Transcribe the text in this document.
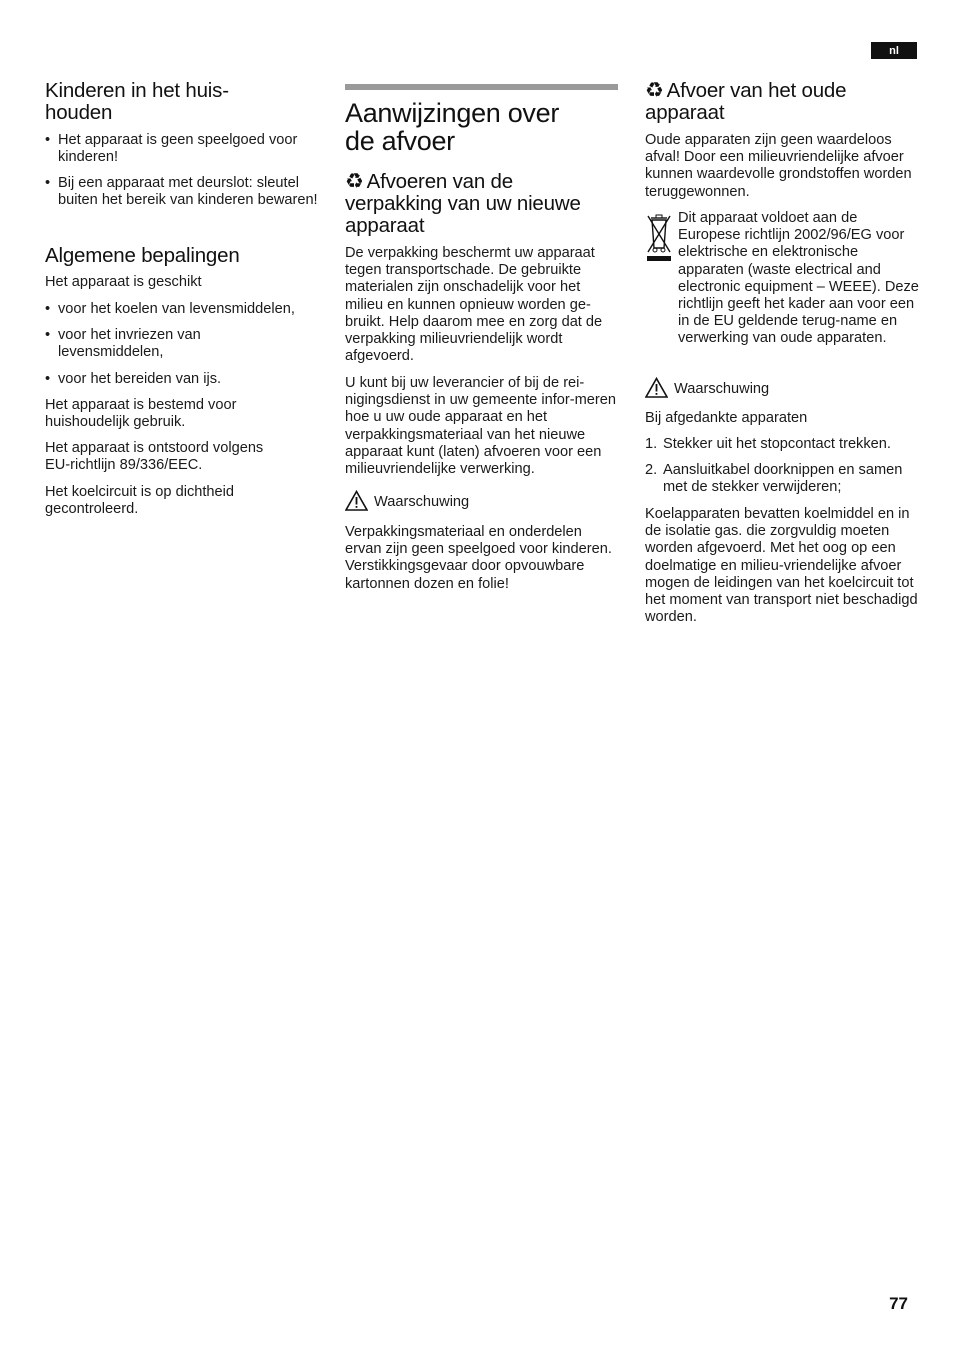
nl
Kinderen in het huis-
houden
• Het apparaat is geen speelgoed voor kinderen!
• Bij een apparaat met deurslot: sleutel buiten het bereik van kinderen bewaren!
Algemene bepalingen

Het apparaat is geschikt

• voor het koelen van levensmiddelen,
• voor het invriezen van levensmiddelen,
• voor het bereiden van ijs.

Het apparaat is bestemd voor huishoudelijk gebruik.

Het apparaat is ontstoord volgens EU-richtlijn 89/336/EEC.

Het koelcircuit is op dichtheid gecontroleerd.

Aanwijzingen over
de afvoer
♻ Afvoeren van de
verpakking van uw nieuwe
apparaat

De verpakking beschermt uw apparaat tegen transportschade. De gebruikte materialen zijn onschadelijk voor het milieu en kunnen opnieuw worden ge-bruikt. Help daarom mee en zorg dat de verpakking milieuvriendelijk wordt afgevoerd.

U kunt bij uw leverancier of bij de rei-nigingsdienst in uw gemeente infor-meren hoe u uw oude apparaat en het verpakkingsmateriaal van het nieuwe apparaat kunt (laten) afvoeren voor een milieuvriendelijke verwerking.

Waarschuwing

Verpakkingsmateriaal en onderdelen ervan zijn geen speelgoed voor kinderen. Verstikkingsgevaar door opvouwbare kartonnen dozen en folie!

♻ Afvoer van het oude
apparaat

Oude apparaten zijn geen waardeloos afval! Door een milieuvriendelijke afvoer kunnen waardevolle grondstoffen worden teruggewonnen.

Dit apparaat voldoet aan de Europese richtlijn 2002/96/EG voor elektrische en elektronische apparaten (waste electrical and electronic equipment – WEEE). Deze richtlijn geeft het kader aan voor een in de EU geldende terug-name en verwerking van oude apparaten.

Waarschuwing

Bij afgedankte apparaten

1. Stekker uit het stopcontact trekken.
2. Aansluitkabel doorknippen en samen met de stekker verwijderen;

Koelapparaten bevatten koelmiddel en in de isolatie gas. die zorgvuldig moeten worden afgevoerd. Met het oog op een doelmatige en milieu-vriendelijke afvoer mogen de leidingen van het koelcircuit tot het moment van transport niet beschadigd worden.

77
